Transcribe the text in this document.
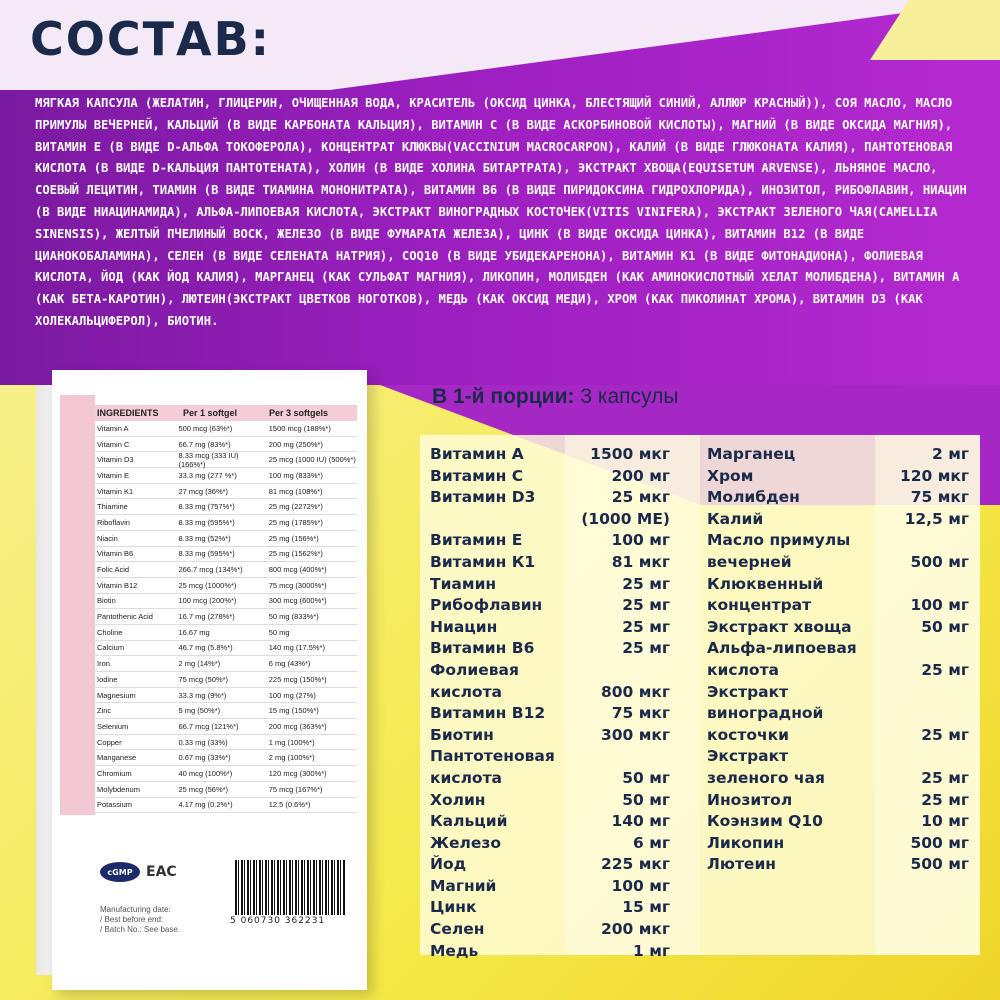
СОСТАВ:
МЯГКАЯ КАПСУЛА (ЖЕЛАТИН, ГЛИЦЕРИН, ОЧИЩЕННАЯ ВОДА, КРАСИТЕЛЬ (ОКСИД ЦИНКА, БЛЕСТЯЩИЙ СИНИЙ, АЛЛЮР КРАСНЫЙ)), СОЯ МАСЛО, МАСЛО ПРИМУЛЫ ВЕЧЕРНЕЙ, КАЛЬЦИЙ (В ВИДЕ КАРБОНАТА КАЛЬЦИЯ), ВИТАМИН С (В ВИДЕ АСКОРБИНОВОЙ КИСЛОТЫ), МАГНИЙ (В ВИДЕ ОКСИДА МАГНИЯ), ВИТАМИН Е (В ВИДЕ D-АЛЬФА ТОКОФЕРОЛА), КОНЦЕНТРАТ КЛЮКВЫ(VACCINIUM MACROCARPON), КАЛИЙ (В ВИДЕ ГЛЮКОНАТА КАЛИЯ), ПАНТОТЕНОВАЯ КИСЛОТА (В ВИДЕ D-КАЛЬЦИЯ ПАНТОТЕНАТА), ХОЛИН (В ВИДЕ ХОЛИНА БИТАРТРАТА), ЭКСТРАКТ ХВОЩА(EQUISETUM ARVENSE), ЛЬНЯНОЕ МАСЛО, СОЕВЫЙ ЛЕЦИТИН, ТИАМИН (В ВИДЕ ТИАМИНА МОНОНИТРАТА), ВИТАМИН B6 (В ВИДЕ ПИРИДОКСИНА ГИДРОХЛОРИДА), ИНОЗИТОЛ, РИБОФЛАВИН, НИАЦИН (В ВИДЕ НИАЦИНАМИДА), АЛЬФА-ЛИПОЕВАЯ КИСЛОТА, ЭКСТРАКТ ВИНОГРАДНЫХ КОСТОЧЕК(VITIS VINIFERA), ЭКСТРАКТ ЗЕЛЕНОГО ЧАЯ(CAMELLIA SINENSIS), ЖЕЛТЫЙ ПЧЕЛИНЫЙ ВОСК, ЖЕЛЕЗО (В ВИДЕ ФУМАРАТА ЖЕЛЕЗА), ЦИНК (В ВИДЕ ОКСИДА ЦИНКА), ВИТАМИН B12 (В ВИДЕ ЦИАНОКОБАЛАМИНА), СЕЛЕН (В ВИДЕ СЕЛЕНАТА НАТРИЯ), COQ10 (В ВИДЕ УБИДЕКАРЕНОНА), ВИТАМИН K1 (В ВИДЕ ФИТОНАДИОНА), ФОЛИЕВАЯ КИСЛОТА, ЙОД (КАК ЙОД КАЛИЯ), МАРГАНЕЦ (КАК СУЛЬФАТ МАГНИЯ), ЛИКОПИН, МОЛИБДЕН (КАК АМИНОКИСЛОТНЫЙ ХЕЛАТ МОЛИБДЕНА), ВИТАМИН А (КАК БЕТА-КАРОТИН), ЛЮТЕИН(ЭКСТРАКТ ЦВЕТКОВ НОГОТКОВ), МЕДЬ (КАК ОКСИД МЕДИ), ХРОМ (КАК ПИКОЛИНАТ ХРОМА), ВИТАМИН D3 (КАК ХОЛЕКАЛЬЦИФЕРОЛ), БИОТИН.
INGREDIENTS	Per 1 softgel	Per 3 softgels
Vitamin A	500 mcg (63%*)	1500 mcg (188%*)
Vitamin C	66.7 mg (83%*)	200 mg (250%*)
Vitamin D3	8.33 mcg (333 IU) (166%*)	25 mcg (1000 IU) (500%*)
Vitamin E	33.3 mg (277 %*)	100 mg (833%*)
Vitamin K1	27 mcg (36%*)	81 mcg (108%*)
Thiamine	8.33 mg (757%*)	25 mg (2272%*)
Riboflavin	8.33 mg (595%*)	25 mg (1785%*)
Niacin	8.33 mg (52%*)	25 mg (156%*)
Vitamin B6	8.33 mg (595%*)	25 mg (1562%*)
Folic Acid	266.7 mcg (134%*)	800 mcg (400%*)
Vitamin B12	25 mcg (1000%*)	75 mcg (3000%*)
Biotin	100 mcg (200%*)	300 mcg (600%*)
Pantothenic Acid	16.7 mg (278%*)	50 mg (833%*)
Choline	16.67 mg	50 mg
Calcium	46.7 mg (5.8%*)	140 mg (17.5%*)
Iron	2 mg (14%*)	6 mg (43%*)
Iodine	75 mcg (50%*)	225 mcg (150%*)
Magnesium	33.3 mg (9%*)	100 mg (27%)
Zinc	5 mg (50%*)	15 mg (150%*)
Selenium	66.7 mcg (121%*)	200 mcg (363%*)
Copper	0.33 mg (33%)	1 mg (100%*)
Manganese	0.67 mg (33%*)	2 mg (100%*)
Chromium	40 mcg (100%*)	120 mcg (300%*)
Molybdenum	25 mcg (56%*)	75 mcg (167%*)
Potassium	4.17 mg (0.2%*)	12.5 (0.6%*)
cGMP EAC
Manufacturing date:
/ Best before end:
/ Batch No.: See base.
5 060730 362231
В 1-й порции: 3 капсулы
Витамин А	1500 мкг
Витамин С	200 мг
Витамин D3	25 мкг
(1000 МЕ)
Витамин Е	100 мг
Витамин К1	81 мкг
Тиамин	25 мг
Рибофлавин	25 мг
Ниацин	25 мг
Витамин В6	25 мг
Фолиевая
кислота	800 мкг
Витамин В12	75 мкг
Биотин	300 мкг
Пантотеновая
кислота	50 мг
Холин	50 мг
Кальций	140 мг
Железо	6 мг
Йод	225 мкг
Магний	100 мг
Цинк	15 мг
Селен	200 мкг
Медь	1 мг
Марганец	2 мг
Хром	120 мкг
Молибден	75 мкг
Калий	12,5 мг
Масло примулы
вечерней	500 мг
Клюквенный
концентрат	100 мг
Экстракт хвоща	50 мг
Альфа-липоевая
кислота	25 мг
Экстракт
виноградной
косточки	25 мг
Экстракт
зеленого чая	25 мг
Инозитол	25 мг
Коэнзим Q10	10 мг
Ликопин	500 мг
Лютеин	500 мг
